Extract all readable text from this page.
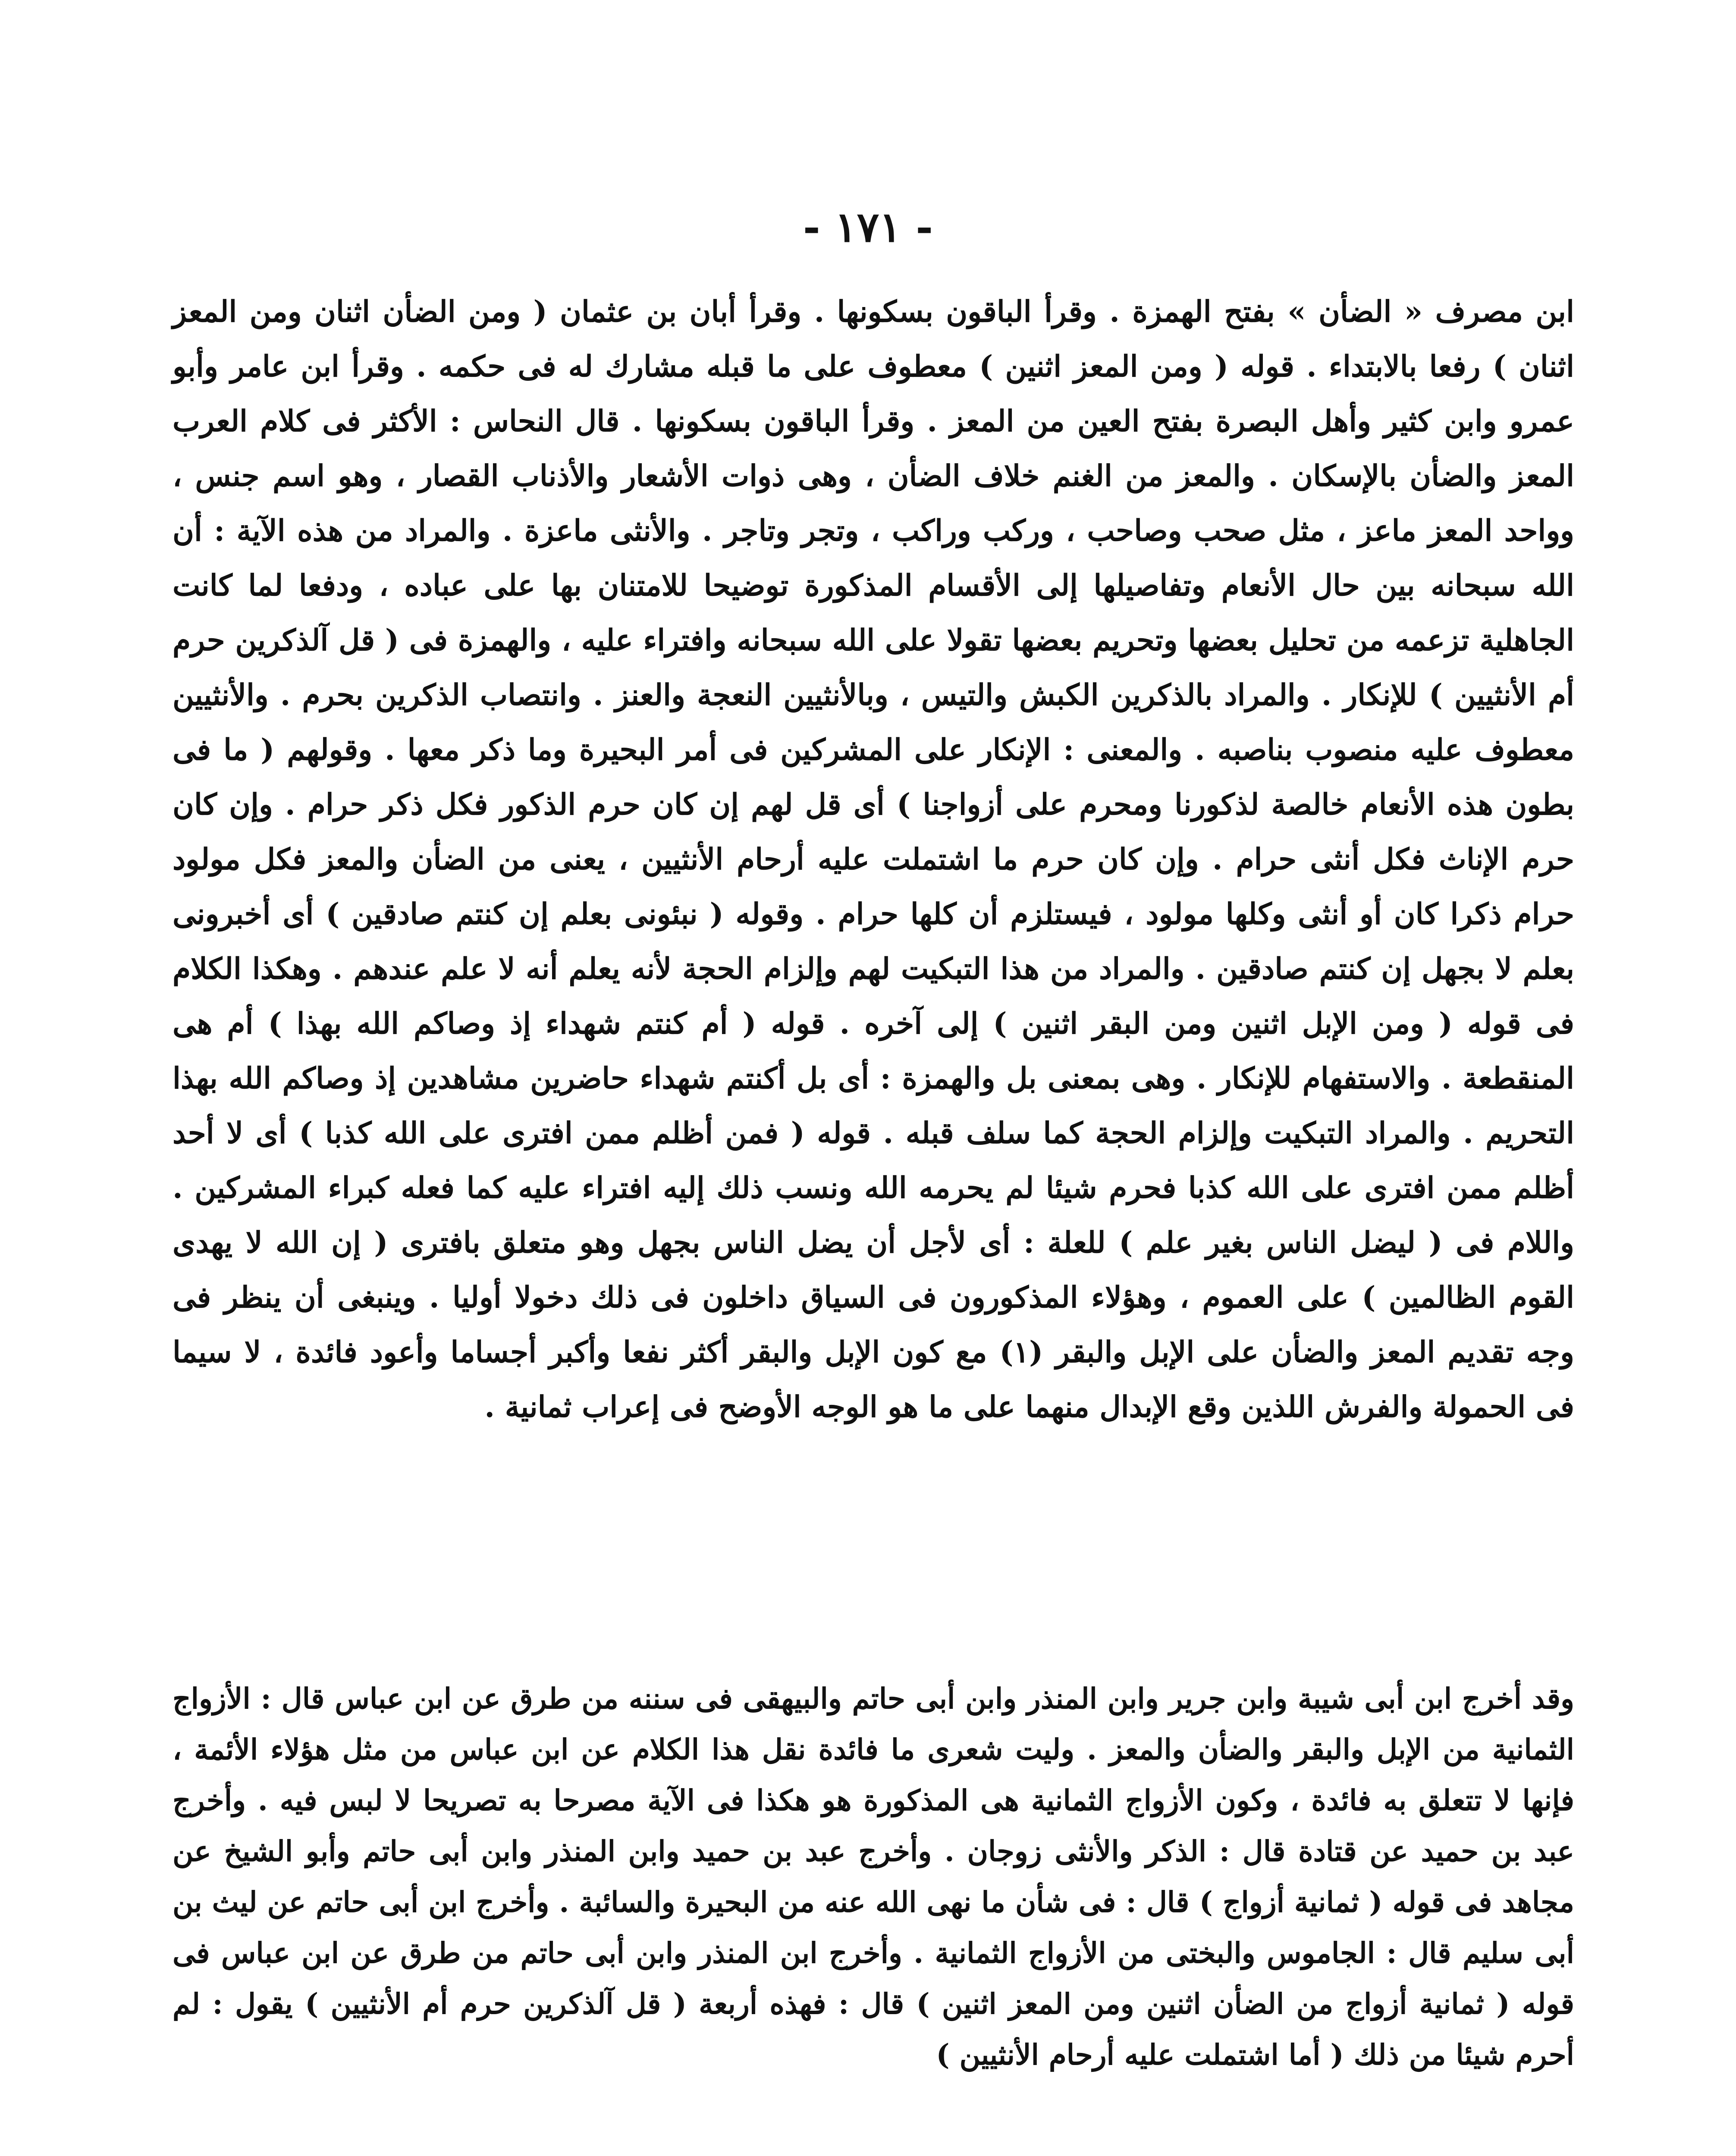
- ١٧١ -

ابن مصرف « الضأن » بفتح الهمزة . وقرأ الباقون بسكونها . وقرأ أبان بن عثمان ( ومن الضأن اثنان ومن المعز اثنان ) رفعا بالابتداء . قوله ( ومن المعز اثنين ) معطوف على ما قبله مشارك له فى حكمه . وقرأ ابن عامر وأبو عمرو وابن كثير وأهل البصرة بفتح العين من المعز . وقرأ الباقون بسكونها . قال النحاس : الأكثر فى كلام العرب المعز والضأن بالإسكان . والمعز من الغنم خلاف الضأن ، وهى ذوات الأشعار والأذناب القصار ، وهو اسم جنس ، وواحد المعز ماعز ، مثل صحب وصاحب ، وركب وراكب ، وتجر وتاجر . والأنثى ماعزة . والمراد من هذه الآية : أن الله سبحانه بين حال الأنعام وتفاصيلها إلى الأقسام المذكورة توضيحا للامتنان بها على عباده ، ودفعا لما كانت الجاهلية تزعمه من تحليل بعضها وتحريم بعضها تقولا على الله سبحانه وافتراء عليه ، والهمزة فى ( قل آلذكرين حرم أم الأنثيين ) للإنكار . والمراد بالذكرين الكبش والتيس ، وبالأنثيين النعجة والعنز . وانتصاب الذكرين بحرم . والأنثيين معطوف عليه منصوب بناصبه . والمعنى : الإنكار على المشركين فى أمر البحيرة وما ذكر معها . وقولهم ( ما فى بطون هذه الأنعام خالصة لذكورنا ومحرم على أزواجنا ) أى قل لهم إن كان حرم الذكور فكل ذكر حرام . وإن كان حرم الإناث فكل أنثى حرام . وإن كان حرم ما اشتملت عليه أرحام الأنثيين ، يعنى من الضأن والمعز فكل مولود حرام ذكرا كان أو أنثى وكلها مولود ، فيستلزم أن كلها حرام . وقوله ( نبئونى بعلم إن كنتم صادقين ) أى أخبرونى بعلم لا بجهل إن كنتم صادقين . والمراد من هذا التبكيت لهم وإلزام الحجة لأنه يعلم أنه لا علم عندهم . وهكذا الكلام فى قوله ( ومن الإبل اثنين ومن البقر اثنين ) إلى آخره . قوله ( أم كنتم شهداء إذ وصاكم الله بهذا ) أم هى المنقطعة . والاستفهام للإنكار . وهى بمعنى بل والهمزة : أى بل أكنتم شهداء حاضرين مشاهدين إذ وصاكم الله بهذا التحريم . والمراد التبكيت وإلزام الحجة كما سلف قبله . قوله ( فمن أظلم ممن افترى على الله كذبا ) أى لا أحد أظلم ممن افترى على الله كذبا فحرم شيئا لم يحرمه الله ونسب ذلك إليه افتراء عليه كما فعله كبراء المشركين . واللام فى ( ليضل الناس بغير علم ) للعلة : أى لأجل أن يضل الناس بجهل وهو متعلق بافترى ( إن الله لا يهدى القوم الظالمين ) على العموم ، وهؤلاء المذكورون فى السياق داخلون فى ذلك دخولا أوليا . وينبغى أن ينظر فى وجه تقديم المعز والضأن على الإبل والبقر (١) مع كون الإبل والبقر أكثر نفعا وأكبر أجساما وأعود فائدة ، لا سيما فى الحمولة والفرش اللذين وقع الإبدال منهما على ما هو الوجه الأوضح فى إعراب ثمانية .

وقد أخرج ابن أبى شيبة وابن جرير وابن المنذر وابن أبى حاتم والبيهقى فى سننه من طرق عن ابن عباس قال : الأزواج الثمانية من الإبل والبقر والضأن والمعز . وليت شعرى ما فائدة نقل هذا الكلام عن ابن عباس من مثل هؤلاء الأئمة ، فإنها لا تتعلق به فائدة ، وكون الأزواج الثمانية هى المذكورة هو هكذا فى الآية مصرحا به تصريحا لا لبس فيه . وأخرج عبد بن حميد عن قتادة قال : الذكر والأنثى زوجان . وأخرج عبد بن حميد وابن المنذر وابن أبى حاتم وأبو الشيخ عن مجاهد فى قوله ( ثمانية أزواج ) قال : فى شأن ما نهى الله عنه من البحيرة والسائبة . وأخرج ابن أبى حاتم عن ليث بن أبى سليم قال : الجاموس والبختى من الأزواج الثمانية . وأخرج ابن المنذر وابن أبى حاتم من طرق عن ابن عباس فى قوله ( ثمانية أزواج من الضأن اثنين ومن المعز اثنين ) قال : فهذه أربعة ( قل آلذكرين حرم أم الأنثيين ) يقول : لم أحرم شيئا من ذلك ( أما اشتملت عليه أرحام الأنثيين )
